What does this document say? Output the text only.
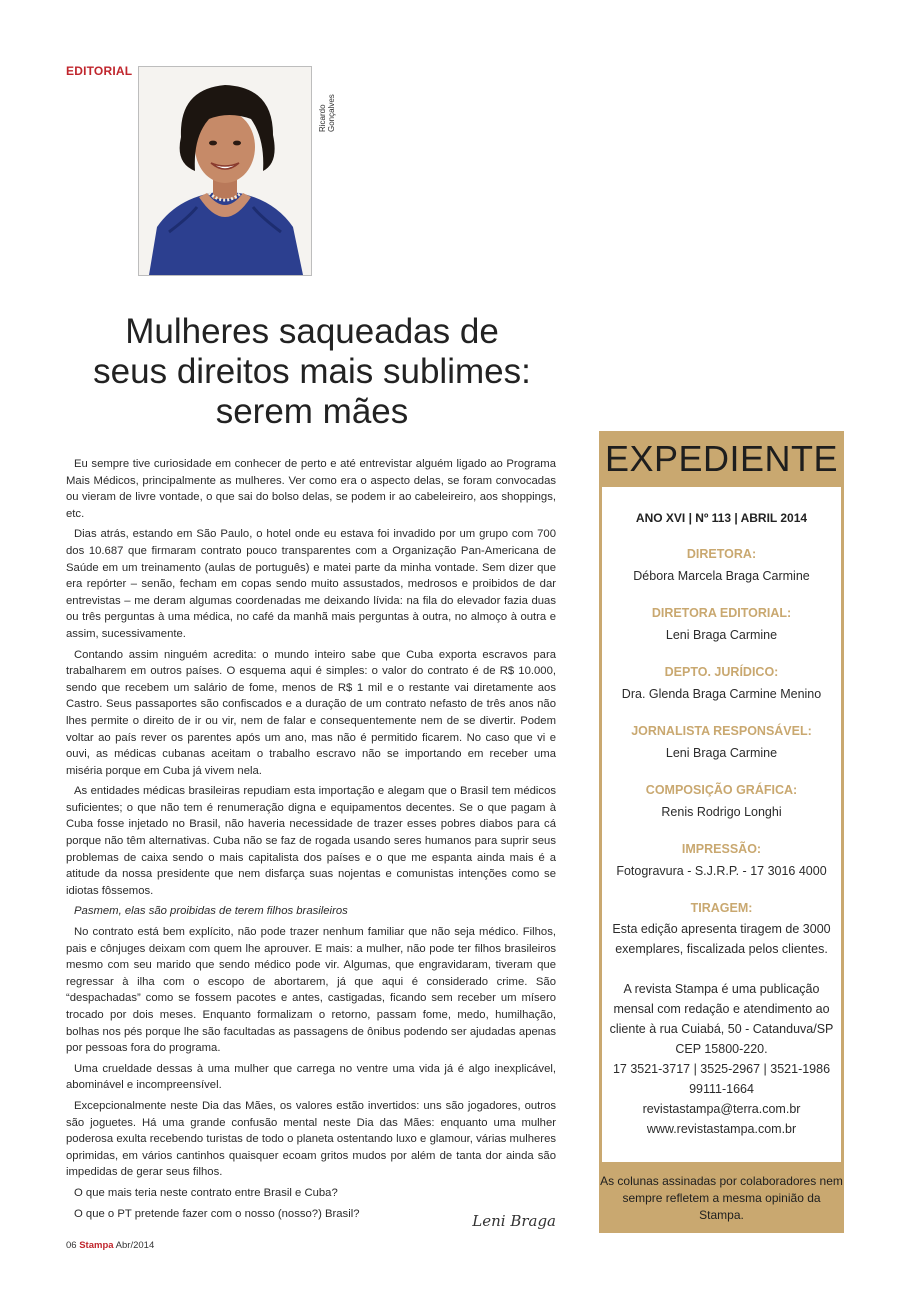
EDITORIAL
Ricardo Gonçalves
Mulheres saqueadas de
seus direitos mais sublimes:
serem mães

Eu sempre tive curiosidade em conhecer de perto e até entrevistar alguém ligado ao Programa Mais Médicos, principalmente as mulheres. Ver como era o aspecto delas, se foram convocadas ou vieram de livre vontade, o que sai do bolso delas, se podem ir ao cabeleireiro, aos shoppings, etc.

Dias atrás, estando em São Paulo, o hotel onde eu estava foi invadido por um grupo com 700 dos 10.687 que firmaram contrato pouco transparentes com a Organização Pan-Americana de Saúde em um treinamento (aulas de português) e matei parte da minha vontade. Sem dizer que era repórter – senão, fecham em copas sendo muito assustados, medrosos e proibidos de dar entrevistas – me deram algumas coordenadas me deixando lívida: na fila do elevador fazia duas ou três perguntas à uma médica, no café da manhã mais perguntas à outra, no almoço à outra e assim, sucessivamente.

Contando assim ninguém acredita: o mundo inteiro sabe que Cuba exporta escravos para trabalharem em outros países. O esquema aqui é simples: o valor do contrato é de R$ 10.000, sendo que recebem um salário de fome, menos de R$ 1 mil e o restante vai diretamente aos Castro. Seus passaportes são confiscados e a duração de um contrato nefasto de três anos não lhes permite o direito de ir ou vir, nem de falar e consequentemente nem de se divertir. Podem voltar ao país rever os parentes após um ano, mas não é permitido ficarem. No caso que vi e ouvi, as médicas cubanas aceitam o trabalho escravo não se importando em receber uma miséria porque em Cuba já vivem nela.

As entidades médicas brasileiras repudiam esta importação e alegam que o Brasil tem médicos suficientes; o que não tem é renumeração digna e equipamentos decentes. Se o que pagam à Cuba fosse injetado no Brasil, não haveria necessidade de trazer esses pobres diabos para cá porque não têm alternativas. Cuba não se faz de rogada usando seres humanos para suprir seus problemas de caixa sendo o mais capitalista dos países e o que me espanta ainda mais é a atitude da nossa presidente que nem disfarça suas nojentas e comunistas intenções como se idiotas fôssemos.

Pasmem, elas são proibidas de terem filhos brasileiros

No contrato está bem explícito, não pode trazer nenhum familiar que não seja médico. Filhos, pais e cônjuges deixam com quem lhe aprouver. E mais: a mulher, não pode ter filhos brasileiros mesmo com seu marido que sendo médico pode vir. Algumas, que engravidaram, tiveram que regressar à ilha com o escopo de abortarem, já que aqui é considerado crime. São “despachadas” como se fossem pacotes e antes, castigadas, ficando sem receber um mísero trocado por dois meses. Enquanto formalizam o retorno, passam fome, medo, humilhação, bolhas nos pés porque lhe são facultadas as passagens de ônibus podendo ser ajudadas apenas por pessoas fora do programa.

Uma crueldade dessas à uma mulher que carrega no ventre uma vida já é algo inexplicável, abominável e incompreensível.

Excepcionalmente neste Dia das Mães, os valores estão invertidos: uns são jogadores, outros são joguetes. Há uma grande confusão mental neste Dia das Mães: enquanto uma mulher poderosa exulta recebendo turistas de todo o planeta ostentando luxo e glamour, várias mulheres oprimidas, em vários cantinhos quaisquer ecoam gritos mudos por além de tanta dor ainda são impedidas de gerar seus filhos.

O que mais teria neste contrato entre Brasil e Cuba?

O que o PT pretende fazer com o nosso (nosso?) Brasil?	Leni Braga
06 Stampa Abr/2014
EXPEDIENTE
ANO XVI | Nº 113 | ABRIL 2014
DIRETORA:
Débora Marcela Braga Carmine
DIRETORA EDITORIAL:
Leni Braga Carmine
DEPTO. JURÍDICO:
Dra. Glenda Braga Carmine Menino
JORNALISTA RESPONSÁVEL:
Leni Braga Carmine
COMPOSIÇÃO GRÁFICA:
Renis Rodrigo Longhi
IMPRESSÃO:
Fotogravura - S.J.R.P. - 17 3016 4000
TIRAGEM:
Esta edição apresenta tiragem de 3000 exemplares, fiscalizada pelos clientes.
A revista Stampa é uma publicação mensal com redação e atendimento ao cliente à rua Cuiabá, 50 - Catanduva/SP CEP 15800-220.
17 3521-3717 | 3525-2967 | 3521-1986
99111-1664
revistastampa@terra.com.br
www.revistastampa.com.br
As colunas assinadas por colaboradores nem sempre refletem a mesma opinião da Stampa.
